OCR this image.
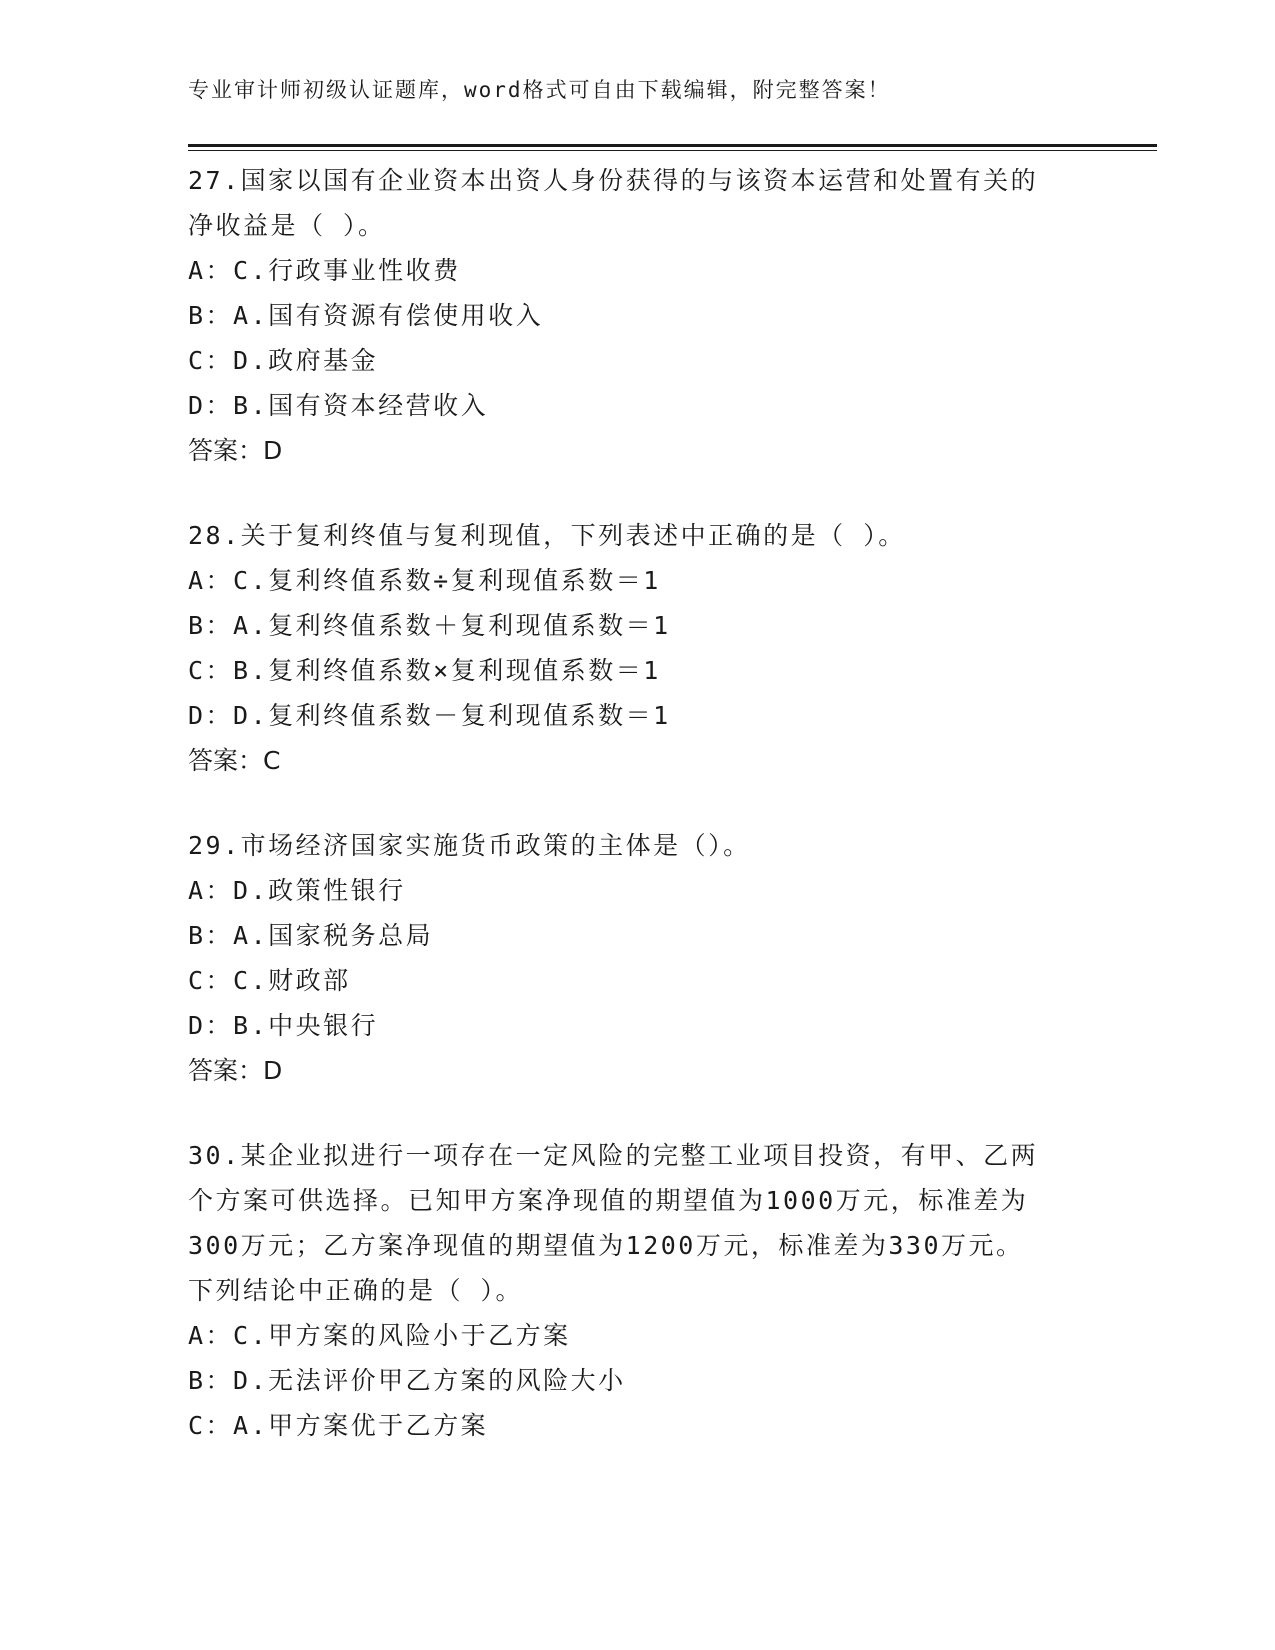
专业审计师初级认证题库，word格式可自由下载编辑，附完整答案！
27.国家以国有企业资本出资人身份获得的与该资本运营和处置有关的
净收益是（ ）。
A：C.行政事业性收费
B：A.国有资源有偿使用收入
C：D.政府基金
D：B.国有资本经营收入
答案：D
28.关于复利终值与复利现值，下列表述中正确的是（ ）。
A：C.复利终值系数÷复利现值系数＝1
B：A.复利终值系数＋复利现值系数＝1
C：B.复利终值系数×复利现值系数＝1
D：D.复利终值系数－复利现值系数＝1
答案：C
29.市场经济国家实施货币政策的主体是（）。
A：D.政策性银行
B：A.国家税务总局
C：C.财政部
D：B.中央银行
答案：D
30.某企业拟进行一项存在一定风险的完整工业项目投资，有甲、乙两
个方案可供选择。已知甲方案净现值的期望值为1000万元，标准差为
300万元；乙方案净现值的期望值为1200万元，标准差为330万元。
下列结论中正确的是（ ）。
A：C.甲方案的风险小于乙方案
B：D.无法评价甲乙方案的风险大小
C：A.甲方案优于乙方案
